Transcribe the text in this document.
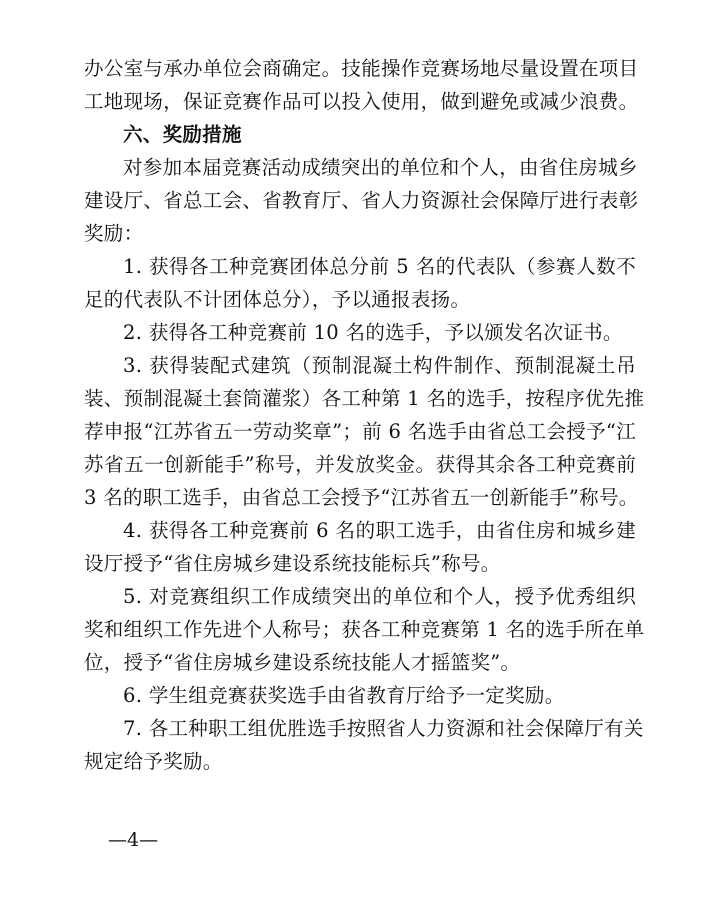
办公室与承办单位会商确定。技能操作竞赛场地尽量设置在项目
工地现场，保证竞赛作品可以投入使用，做到避免或减少浪费。
六、奖励措施
对参加本届竞赛活动成绩突出的单位和个人，由省住房城乡
建设厅、省总工会、省教育厅、省人力资源社会保障厅进行表彰
奖励：
1. 获得各工种竞赛团体总分前 5 名的代表队（参赛人数不
足的代表队不计团体总分），予以通报表扬。
2. 获得各工种竞赛前 10 名的选手，予以颁发名次证书。
3. 获得装配式建筑（预制混凝土构件制作、预制混凝土吊
装、预制混凝土套筒灌浆）各工种第 1 名的选手，按程序优先推
荐申报“江苏省五一劳动奖章”；前 6 名选手由省总工会授予“江
苏省五一创新能手”称号，并发放奖金。获得其余各工种竞赛前
3 名的职工选手，由省总工会授予“江苏省五一创新能手”称号。
4. 获得各工种竞赛前 6 名的职工选手，由省住房和城乡建
设厅授予“省住房城乡建设系统技能标兵”称号。
5. 对竞赛组织工作成绩突出的单位和个人，授予优秀组织
奖和组织工作先进个人称号；获各工种竞赛第 1 名的选手所在单
位，授予“省住房城乡建设系统技能人才摇篮奖”。
6. 学生组竞赛获奖选手由省教育厅给予一定奖励。
7. 各工种职工组优胜选手按照省人力资源和社会保障厅有关
规定给予奖励。
—4—
